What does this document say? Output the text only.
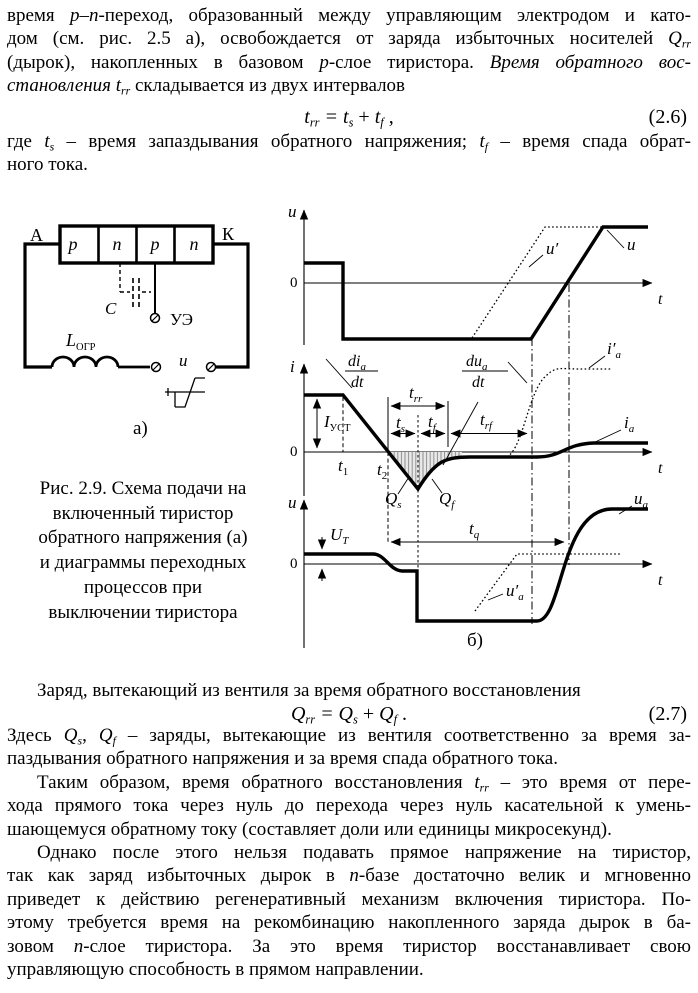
время p–n-переход, образованный между управляющим электродом и като-
дом (см. рис. 2.5 а), освобождается от заряда избыточных носителей Qrr
(дырок), накопленных в базовом p-слое тиристора. Время обратного вос-
становления trr складывается из двух интервалов
trr = ts + tf ,	(2.6)
где ts – время запаздывания обратного напряжения; tf – время спада обрат-
ного тока.
p n p n
А	К
C
УЭ
$L_{ОГР}$
u
а)
u
0
t
u′	u
$di_a$
dt
$du_a$
dt
i
0
t
$I_{УСТ}$
$t_1$ $t_2$
$t_{rr}$
$t_s$ $t_f$	$t_{rf}$
$Q_s$ $Q_f$
$i'_a$
$i_a$
u
0
t
$U_T$
$t_q$
$u'_a$
$u_a$
б)
Рис. 2.9. Схема подачи на
включенный тиристор
обратного напряжения (а)
и диаграммы переходных
процессов при
выключении тиристора
Заряд, вытекающий из вентиля за время обратного восстановления
Qrr = Qs + Qf .	(2.7)
Здесь Qs, Qf – заряды, вытекающие из вентиля соответственно за время за-
паздывания обратного напряжения и за время спада обратного тока.
Таким образом, время обратного восстановления trr – это время от пере-
хода прямого тока через нуль до перехода через нуль касательной к умень-
шающемуся обратному току (составляет доли или единицы микросекунд).
Однако после этого нельзя подавать прямое напряжение на тиристор,
так как заряд избыточных дырок в n-базе достаточно велик и мгновенно
приведет к действию регенеративный механизм включения тиристора. По-
этому требуется время на рекомбинацию накопленного заряда дырок в ба-
зовом n-слое тиристора. За это время тиристор восстанавливает свою
управляющую способность в прямом направлении.
